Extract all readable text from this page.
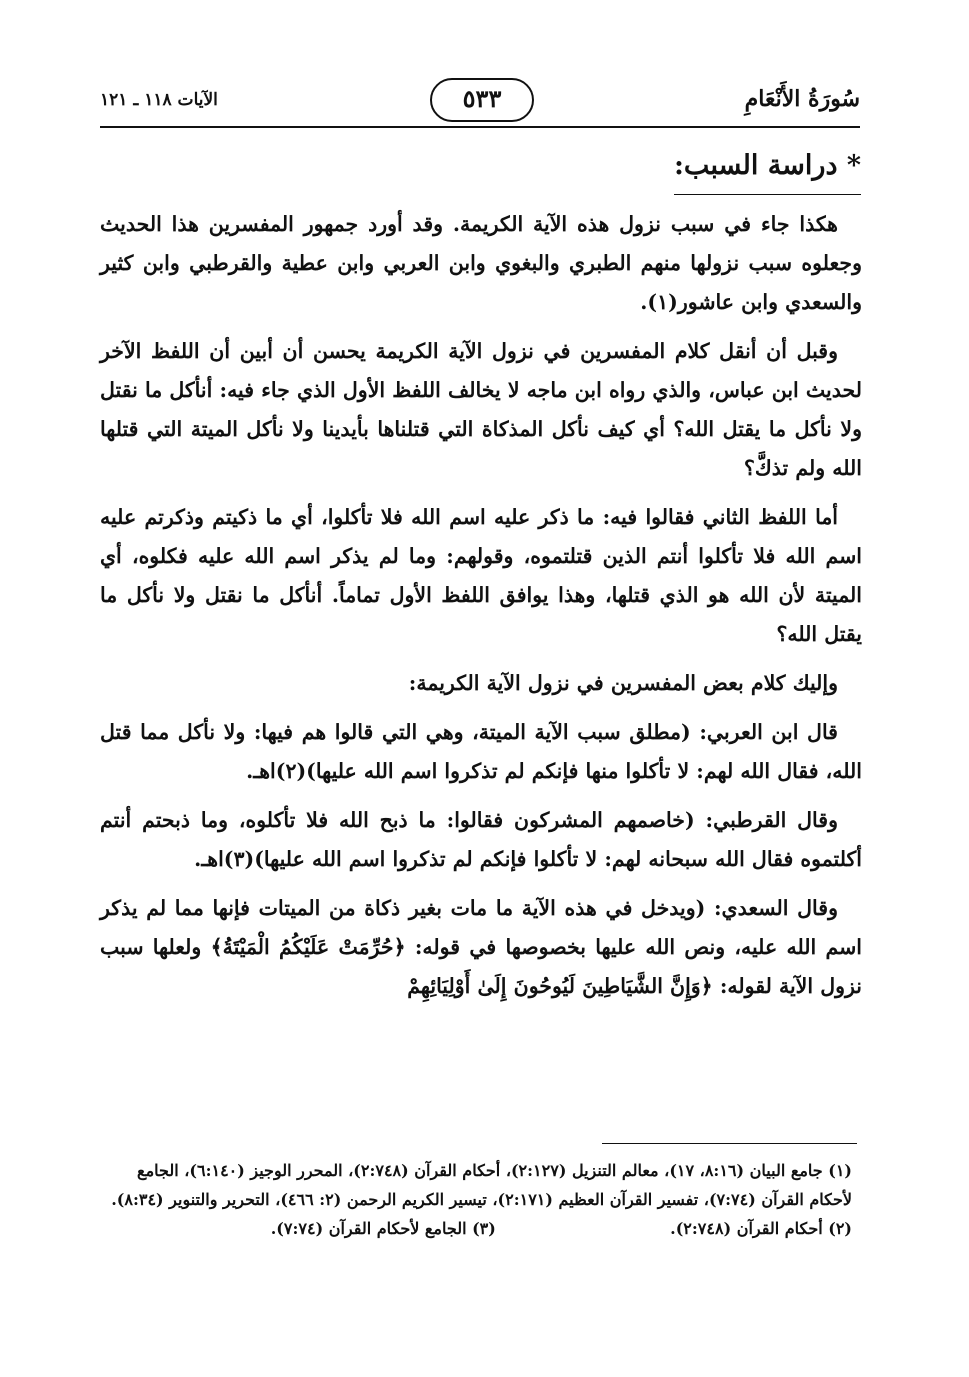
سُورَةُ الأَنْعَامِ
٥٣٣
الآيات ١١٨ ـ ١٢١
* دراسة السبب:

هكذا جاء في سبب نزول هذه الآية الكريمة. وقد أورد جمهور المفسرين هذا الحديث وجعلوه سبب نزولها منهم الطبري والبغوي وابن العربي وابن عطية والقرطبي وابن كثير والسعدي وابن عاشور(١).

وقبل أن أنقل كلام المفسرين في نزول الآية الكريمة يحسن أن أبين أن اللفظ الآخر لحديث ابن عباس، والذي رواه ابن ماجه لا يخالف اللفظ الأول الذي جاء فيه: أنأكل ما نقتل ولا نأكل ما يقتل الله؟ أي كيف نأكل المذكاة التي قتلناها بأيدينا ولا نأكل الميتة التي قتلها الله ولم تذكَّ؟

أما اللفظ الثاني فقالوا فيه: ما ذكر عليه اسم الله فلا تأكلوا، أي ما ذكيتم وذكرتم عليه اسم الله فلا تأكلوا أنتم الذين قتلتموه، وقولهم: وما لم يذكر اسم الله عليه فكلوه، أي الميتة لأن الله هو الذي قتلها، وهذا يوافق اللفظ الأول تماماً. أنأكل ما نقتل ولا نأكل ما يقتل الله؟

وإليك كلام بعض المفسرين في نزول الآية الكريمة:

قال ابن العربي: (مطلق سبب الآية الميتة، وهي التي قالوا هم فيها: ولا نأكل مما قتل الله، فقال الله لهم: لا تأكلوا منها فإنكم لم تذكروا اسم الله عليها)(٢)اهـ.

وقال القرطبي: (خاصمهم المشركون فقالوا: ما ذبح الله فلا تأكلوه، وما ذبحتم أنتم أكلتموه فقال الله سبحانه لهم: لا تأكلوا فإنكم لم تذكروا اسم الله عليها)(٣)اهـ.

وقال السعدي: (ويدخل في هذه الآية ما مات بغير ذكاة من الميتات فإنها مما لم يذكر اسم الله عليه، ونص الله عليها بخصوصها في قوله: ﴿حُرِّمَتْ عَلَيْكُمُ الْمَيْتَةُ﴾ ولعلها سبب نزول الآية لقوله: ﴿وَإِنَّ الشَّيَاطِينَ لَيُوحُونَ إِلَىٰ أَوْلِيَائِهِمْ

(١) جامع البيان (٨:١٦، ١٧)، معالم التنزيل (٢:١٢٧)، أحكام القرآن (٢:٧٤٨)، المحرر الوجيز (٦:١٤٠)، الجامع لأحكام القرآن (٧:٧٤)، تفسير القرآن العظيم (٢:١٧١)، تيسير الكريم الرحمن (٢: ٤٦٦)، التحرير والتنوير (٨:٣٤).

(٢) أحكام القرآن (٢:٧٤٨).

(٣) الجامع لأحكام القرآن (٧:٧٤).
